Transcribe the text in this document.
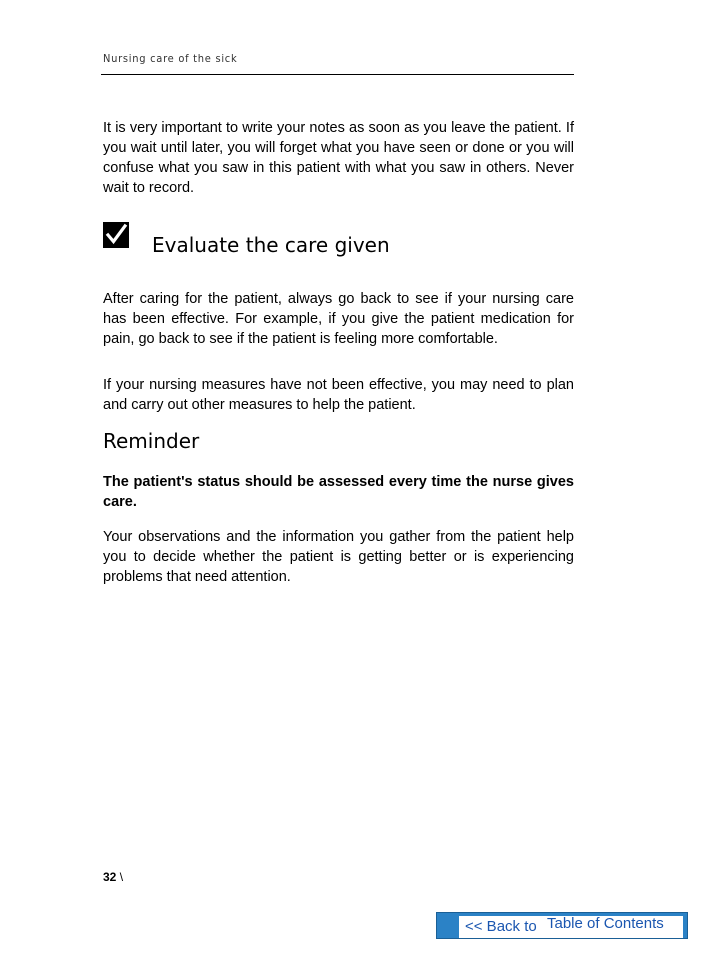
Nursing care of the sick

It is very important to write your notes as soon as you leave the patient. If you wait until later, you will forget what you have seen or done or you will confuse what you saw in this patient with what you saw in others. Never wait to record.

Evaluate the care given

After caring for the patient, always go back to see if your nursing care has been effective. For example, if you give the patient medication for pain, go back to see if the patient is feeling more comfortable.

If your nursing measures have not been effective, you may need to plan and carry out other measures to help the patient.

Reminder

The patient's status should be assessed every time the nurse gives care.

Your observations and the information you gather from the patient help you to decide whether the patient is getting better or is experiencing problems that need attention.

32 \
<< Back to Table of Contents
